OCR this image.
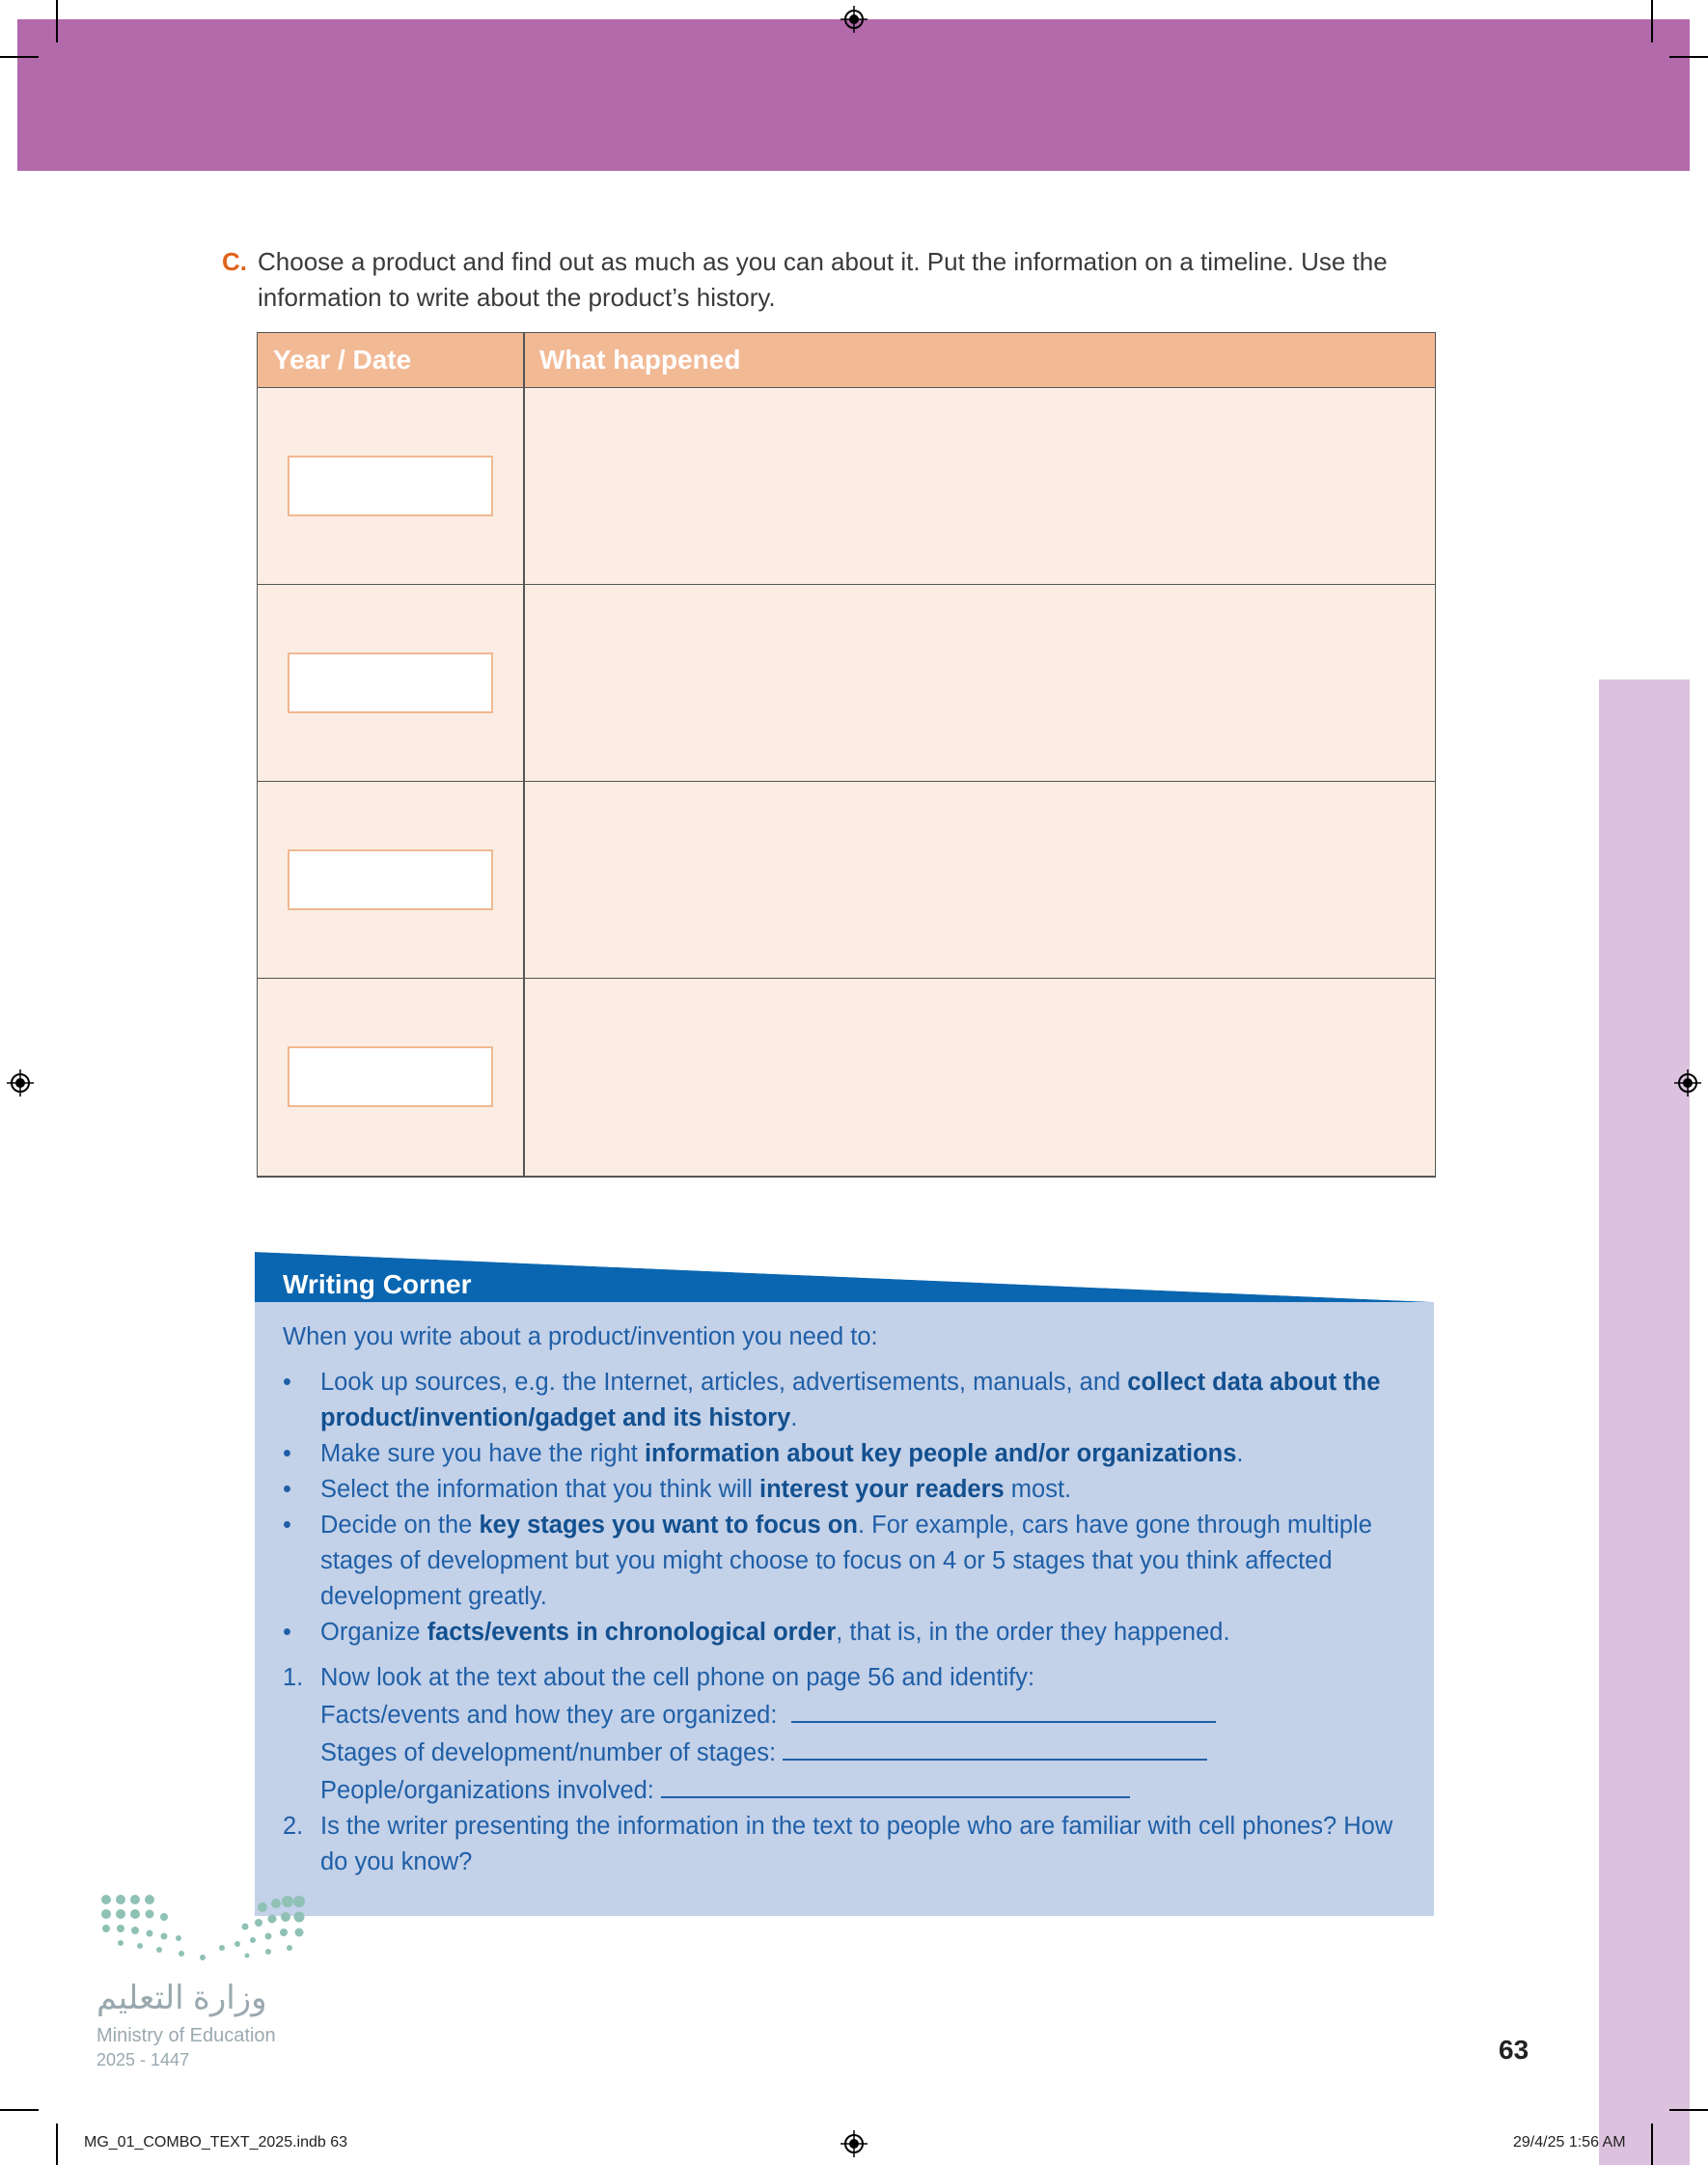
C. Choose a product and find out as much as you can about it. Put the information on a timeline. Use the information to write about the product’s history.
Year / Date	What happened
Writing Corner

When you write about a product/invention you need to:

• Look up sources, e.g. the Internet, articles, advertisements, manuals, and collect data about the product/invention/gadget and its history.
• Make sure you have the right information about key people and/or organizations.
• Select the information that you think will interest your readers most.
• Decide on the key stages you want to focus on. For example, cars have gone through multiple stages of development but you might choose to focus on 4 or 5 stages that you think affected development greatly.
• Organize facts/events in chronological order, that is, in the order they happened.
1. Now look at the text about the cell phone on page 56 and identify:
Facts/events and how they are organized:
Stages of development/number of stages:
People/organizations involved:
2. Is the writer presenting the information in the text to people who are familiar with cell phones? How do you know?
وزارة التعليم
Ministry of Education
2025 - 1447	63
MG_01_COMBO_TEXT_2025.indb 63	29/4/25 1:56 AM
